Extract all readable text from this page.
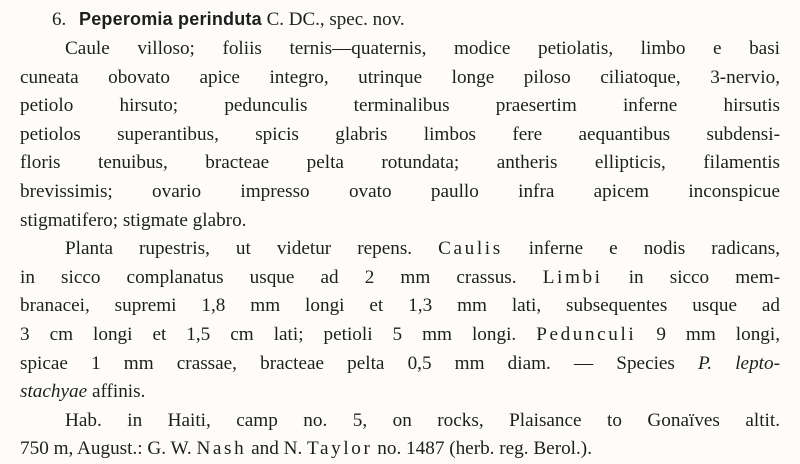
6. Peperomia perinduta C. DC., spec. nov.
Caule villoso; foliis ternis—quaternis, modice petiolatis, limbo e basi
cuneata obovato apice integro, utrinque longe piloso ciliatoque, 3-nervio,
petiolo hirsuto; pedunculis terminalibus praesertim inferne hirsutis
petiolos superantibus, spicis glabris limbos fere aequantibus subdensi-
floris tenuibus, bracteae pelta rotundata; antheris ellipticis, filamentis
brevissimis; ovario impresso ovato paullo infra apicem inconspicue
stigmatifero; stigmate glabro.
Planta rupestris, ut videtur repens. Caulis inferne e nodis radicans,
in sicco complanatus usque ad 2 mm crassus. Limbi in sicco mem-
branacei, supremi 1,8 mm longi et 1,3 mm lati, subsequentes usque ad
3 cm longi et 1,5 cm lati; petioli 5 mm longi. Pedunculi 9 mm longi,
spicae 1 mm crassae, bracteae pelta 0,5 mm diam. — Species P. lepto-
stachyae affinis.
Hab. in Haiti, camp no. 5, on rocks, Plaisance to Gonaïves altit.
750 m, August.: G. W. Nash and N. Taylor no. 1487 (herb. reg. Berol.).
